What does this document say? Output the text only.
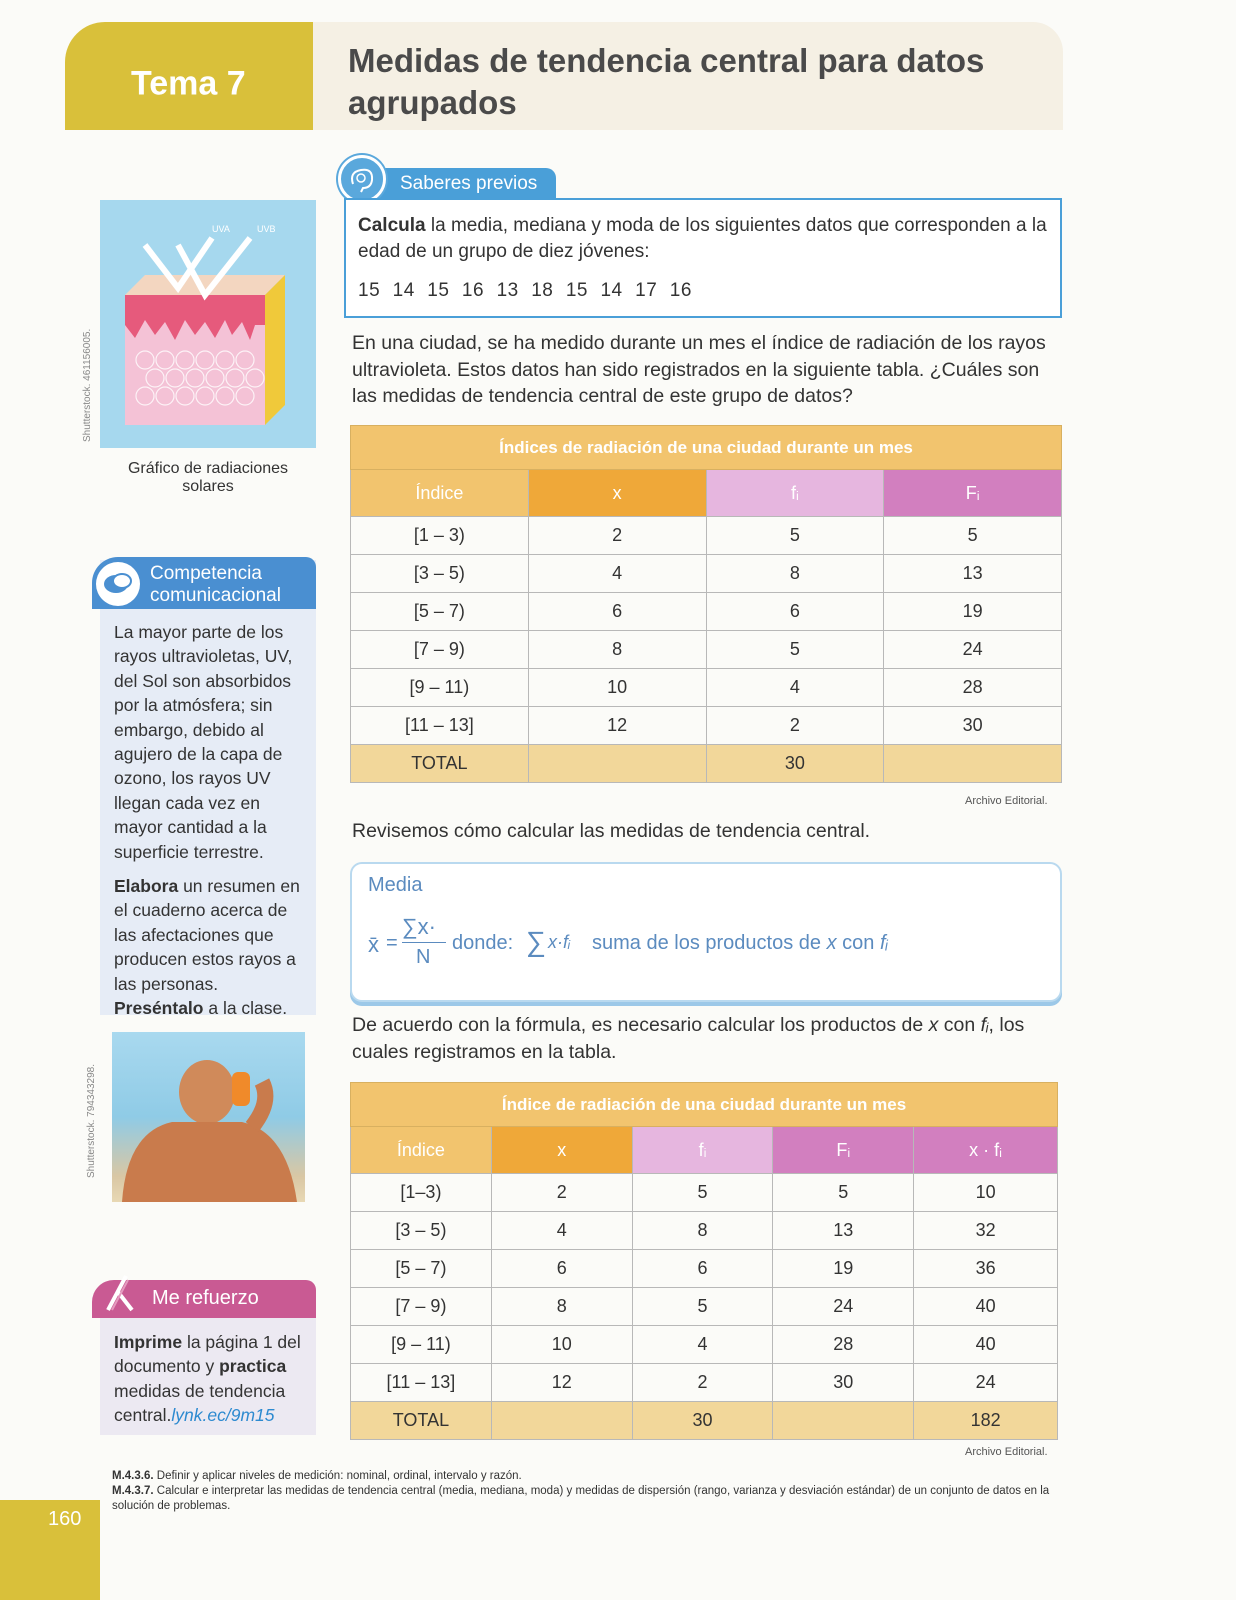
Tema 7
Medidas de tendencia central para datos agrupados
UVA	UVB
Shutterstock. 461156005.
Gráfico de radiaciones solares
Competencia comunicacional

La mayor parte de los rayos ultravioletas, UV, del Sol son absorbidos por la atmósfera; sin embargo, debido al agujero de la capa de ozono, los rayos UV llegan cada vez en mayor cantidad a la superficie terrestre.

Elabora un resumen en el cuaderno acerca de las afectaciones que producen estos rayos a las personas. Preséntalo a la clase.

Shutterstock. 794343298.
Me refuerzo
Imprime la página 1 del documento y practica medidas de tendencia central.lynk.ec/9m15
Saberes previos
Calcula la media, mediana y moda de los siguientes datos que corresponden a la edad de un grupo de diez jóvenes:
15 14 15 16 13 18 15 14 17 16

En una ciudad, se ha medido durante un mes el índice de radiación de los rayos ultravioleta. Estos datos han sido registrados en la siguiente tabla. ¿Cuáles son las medidas de tendencia central de este grupo de datos?

Índices de radiación de una ciudad durante un mes			
Índice	x	fᵢ	Fᵢ
[1 – 3)	2	5	5
[3 – 5)	4	8	13
[5 – 7)	6	6	19
[7 – 9)	8	5	24
[9 – 11)	10	4	28
[11 – 13]	12	2	30
TOTAL		30	
Archivo Editorial.

Revisemos cómo calcular las medidas de tendencia central.

Media
x̄ =
∑x·
N
donde: ∑ x·fᵢ suma de los productos de x con fᵢ

De acuerdo con la fórmula, es necesario calcular los productos de x con fᵢ, los cuales registramos en la tabla.

Índice de radiación de una ciudad durante un mes				
Índice	x	fᵢ	Fᵢ	x · fᵢ
[1–3)	2	5	5	10
[3 – 5)	4	8	13	32
[5 – 7)	6	6	19	36
[7 – 9)	8	5	24	40
[9 – 11)	10	4	28	40
[11 – 13]	12	2	30	24
TOTAL		30		182
Archivo Editorial.
M.4.3.6. Definir y aplicar niveles de medición: nominal, ordinal, intervalo y razón.
M.4.3.7. Calcular e interpretar las medidas de tendencia central (media, mediana, moda) y medidas de dispersión (rango, varianza y desviación estándar) de un conjunto de datos en la solución de problemas.
160
